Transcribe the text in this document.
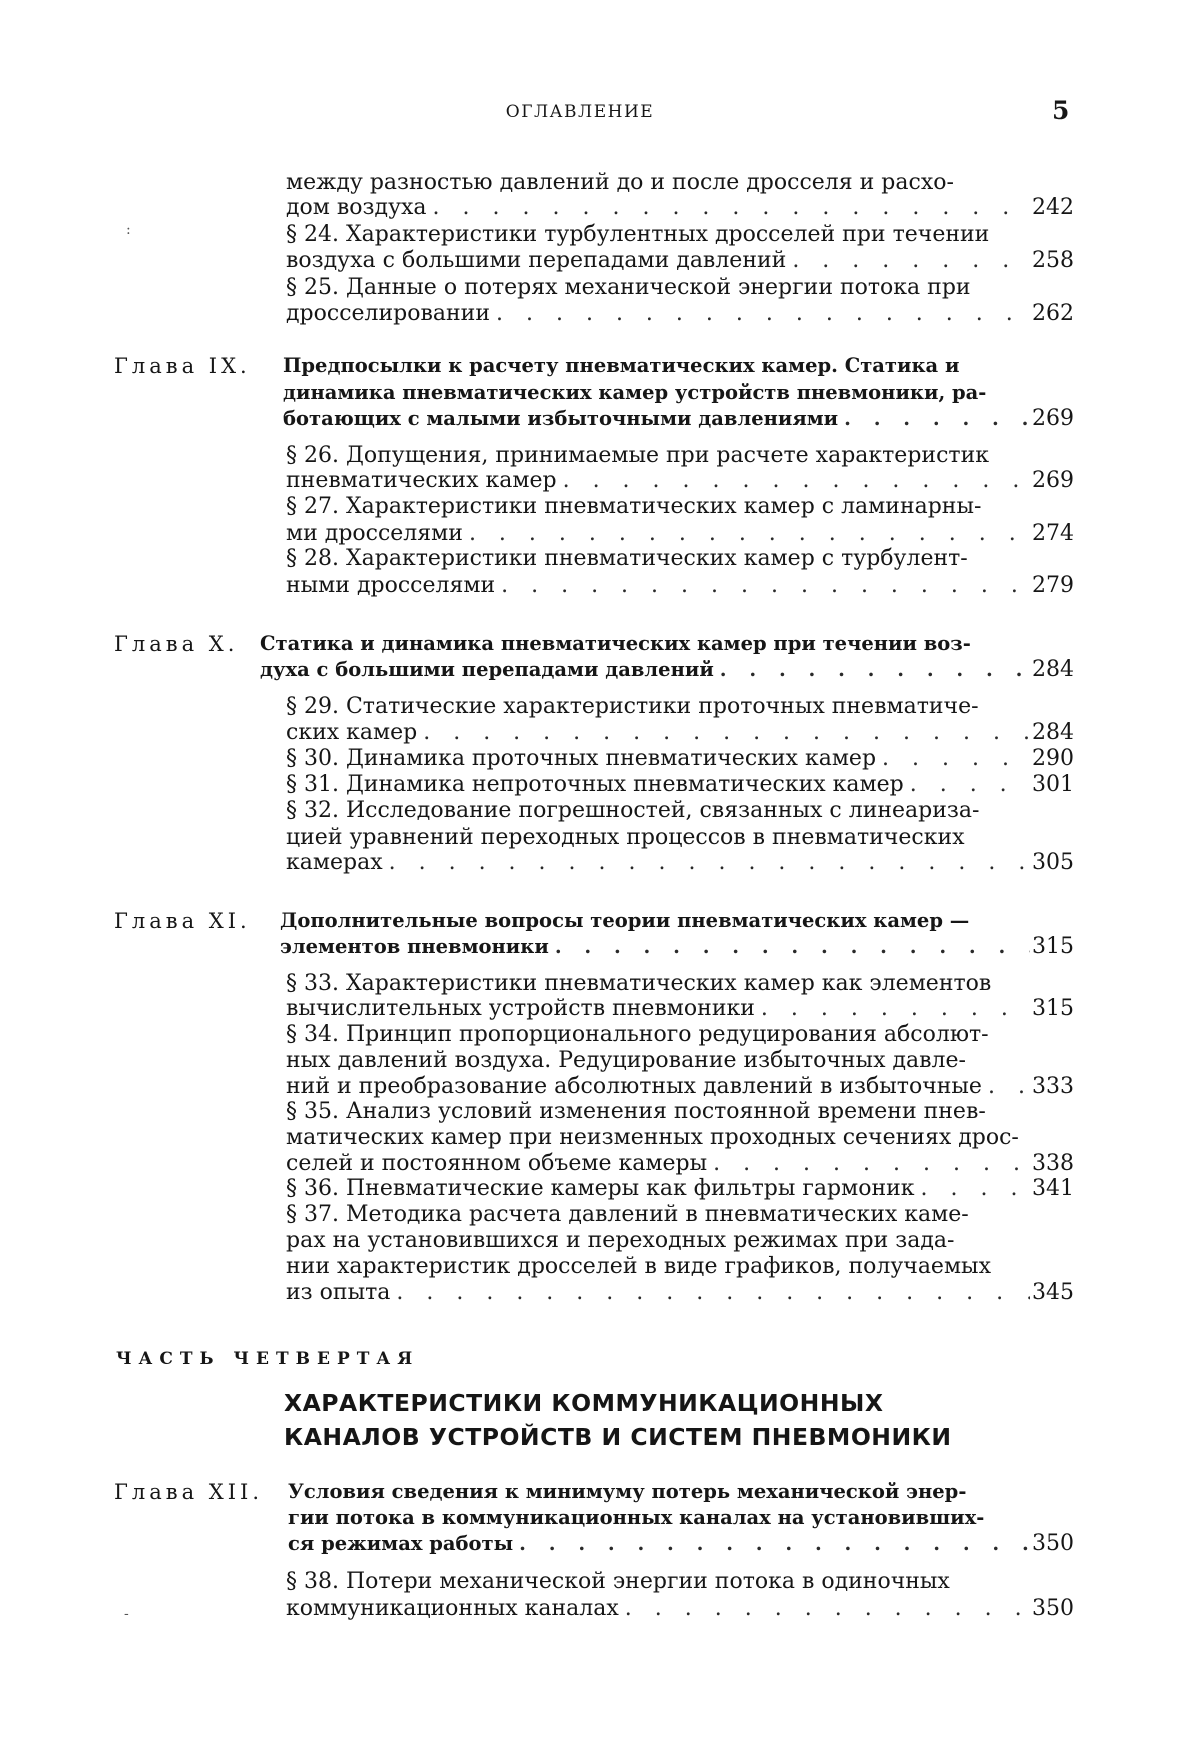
ОГЛАВЛЕНИЕ	5
между разностью давлений до и после дросселя и расхо-
242
дом воздуха
. . .
§ 24. Характеристики турбулентных дросселей при течении
258
воздуха с большими перепадами давлений
. . .
§ 25. Данные о потерях механической энергии потока при
262
дросселировании
. . .
Глава IX. Предпосылки к расчету пневматических камер. Статика и
динамика пневматических камер устройств пневмоники, ра-
269
ботающих с малыми избыточными давлениями
. . .
§ 26. Допущения, принимаемые при расчете характеристик
269
пневматических камер
. . .
§ 27. Характеристики пневматических камер с ламинарны-
274
ми дросселями
. . .
§ 28. Характеристики пневматических камер с турбулент-
279
ными дросселями
. . .
Глава X. Статика и динамика пневматических камер при течении воз-
284
духа с большими перепадами давлений
. . .
§ 29. Статические характеристики проточных пневматиче-
284
ских камер
. . .
290
§ 30. Динамика проточных пневматических камер
. . .
301
§ 31. Динамика непроточных пневматических камер
. . .
§ 32. Исследование погрешностей, связанных с линеариза-
цией уравнений переходных процессов в пневматических
305
камерах
. . .
Глава XI. Дополнительные вопросы теории пневматических камер —
315
элементов пневмоники
. . .
§ 33. Характеристики пневматических камер как элементов
315
вычислительных устройств пневмоники
. . .
§ 34. Принцип пропорционального редуцирования абсолют-
ных давлений воздуха. Редуцирование избыточных давле-
333
ний и преобразование абсолютных давлений в избыточные
. . .
§ 35. Анализ условий изменения постоянной времени пнев-
матических камер при неизменных проходных сечениях дрос-
338
селей и постоянном объеме камеры
. . .
341
§ 36. Пневматические камеры как фильтры гармоник
. . .
§ 37. Методика расчета давлений в пневматических каме-
рах на установившихся и переходных режимах при зада-
нии характеристик дросселей в виде графиков, получаемых
345
из опыта
. . .
Глава XII. Условия сведения к минимуму потерь механической энер-
гии потока в коммуникационных каналах на установивших-
350
ся режимах работы
. . .
§ 38. Потери механической энергии потока в одиночных
350
коммуникационных каналах
. . .
ЧАСТЬ ЧЕТВЕРТАЯ
ХАРАКТЕРИСТИКИ КОММУНИКАЦИОННЫХ
КАНАЛОВ УСТРОЙСТВ И СИСТЕМ ПНЕВМОНИКИ
:
-
